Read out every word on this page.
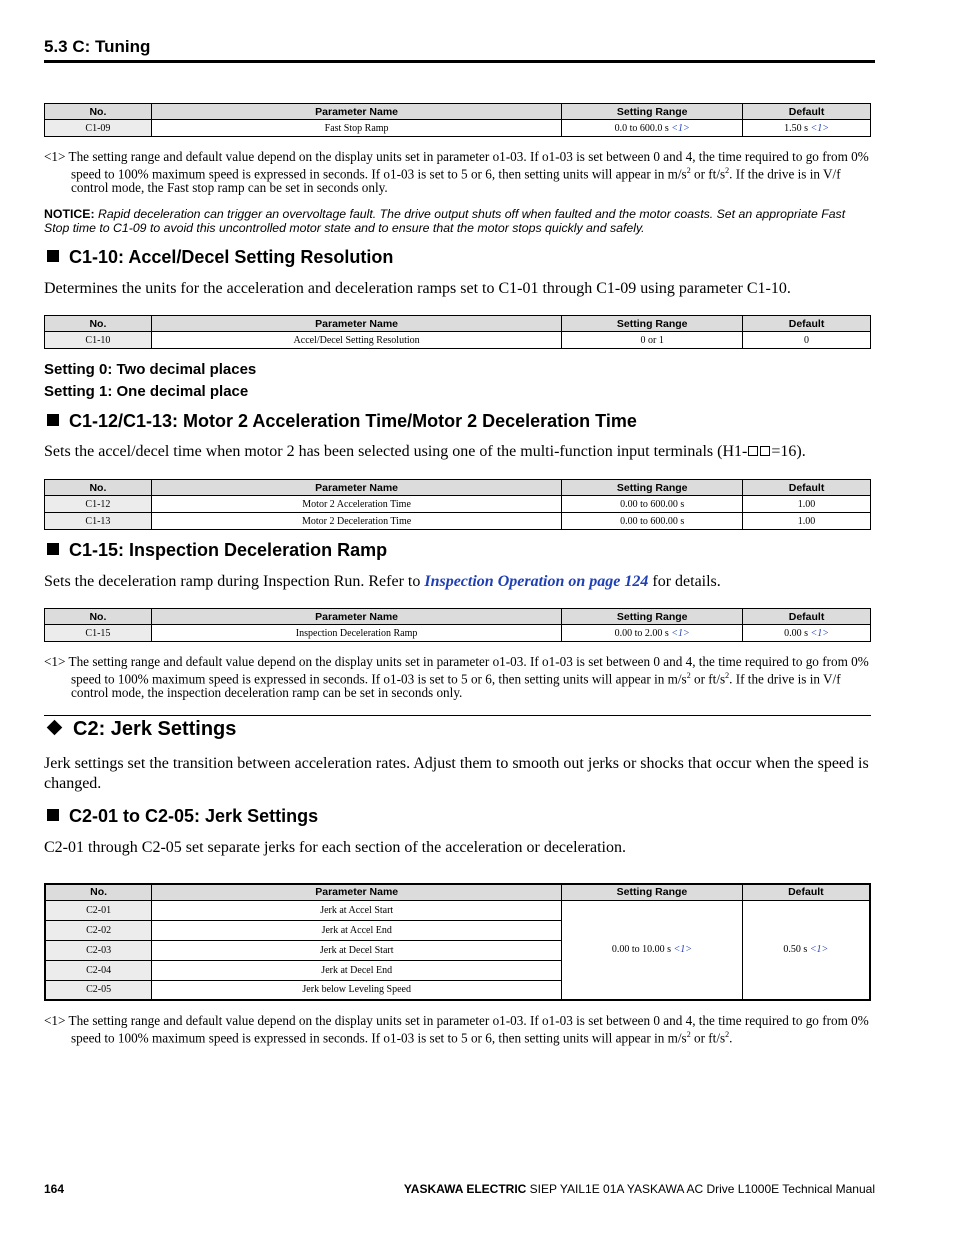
5.3 C: Tuning
No.	Parameter Name	Setting Range	Default
C1-09	Fast Stop Ramp	0.0 to 600.0 s <1>	1.50 s <1>
<1> The setting range and default value depend on the display units set in parameter o1-03. If o1-03 is set between 0 and 4, the time required to go from 0% speed to 100% maximum speed is expressed in seconds. If o1-03 is set to 5 or 6, then setting units will appear in $m/s^2$ or $ft/s^2$. If the drive is in V/f control mode, the Fast stop ramp can be set in seconds only.
NOTICE: Rapid deceleration can trigger an overvoltage fault. The drive output shuts off when faulted and the motor coasts. Set an appropriate Fast Stop time to C1-09 to avoid this uncontrolled motor state and to ensure that the motor stops quickly and safely.
C1-10: Accel/Decel Setting Resolution
Determines the units for the acceleration and deceleration ramps set to C1-01 through C1-09 using parameter C1-10.
No.	Parameter Name	Setting Range	Default
C1-10	Accel/Decel Setting Resolution	0 or 1	0
Setting 0: Two decimal places
Setting 1: One decimal place
C1-12/C1-13: Motor 2 Acceleration Time/Motor 2 Deceleration Time
Sets the accel/decel time when motor 2 has been selected using one of the multi-function input terminals (H1- =16).
No.	Parameter Name	Setting Range	Default
C1-12	Motor 2 Acceleration Time	0.00 to 600.00 s	1.00
C1-13	Motor 2 Deceleration Time	0.00 to 600.00 s	1.00
C1-15: Inspection Deceleration Ramp
Sets the deceleration ramp during Inspection Run. Refer to Inspection Operation on page 124 for details.
No.	Parameter Name	Setting Range	Default
C1-15	Inspection Deceleration Ramp	0.00 to 2.00 s <1>	0.00 s <1>
<1> The setting range and default value depend on the display units set in parameter o1-03. If o1-03 is set between 0 and 4, the time required to go from 0% speed to 100% maximum speed is expressed in seconds. If o1-03 is set to 5 or 6, then setting units will appear in $m/s^2$ or $ft/s^2$. If the drive is in V/f control mode, the inspection deceleration ramp can be set in seconds only.
C2: Jerk Settings
Jerk settings set the transition between acceleration rates. Adjust them to smooth out jerks or shocks that occur when the speed is changed.
C2-01 to C2-05: Jerk Settings
C2-01 through C2-05 set separate jerks for each section of the acceleration or deceleration.
No.	Parameter Name	Setting Range	Default
C2-01	Jerk at Accel Start	0.00 to 10.00 s <1>	0.50 s <1>
C2-02	Jerk at Accel End		
C2-03	Jerk at Decel Start		
C2-04	Jerk at Decel End		
C2-05	Jerk below Leveling Speed		
<1> The setting range and default value depend on the display units set in parameter o1-03. If o1-03 is set between 0 and 4, the time required to go from 0% speed to 100% maximum speed is expressed in seconds. If o1-03 is set to 5 or 6, then setting units will appear in $m/s^2$ or $ft/s^2$.
164	YASKAWA ELECTRIC SIEP YAIL1E 01A YASKAWA AC Drive L1000E Technical Manual
